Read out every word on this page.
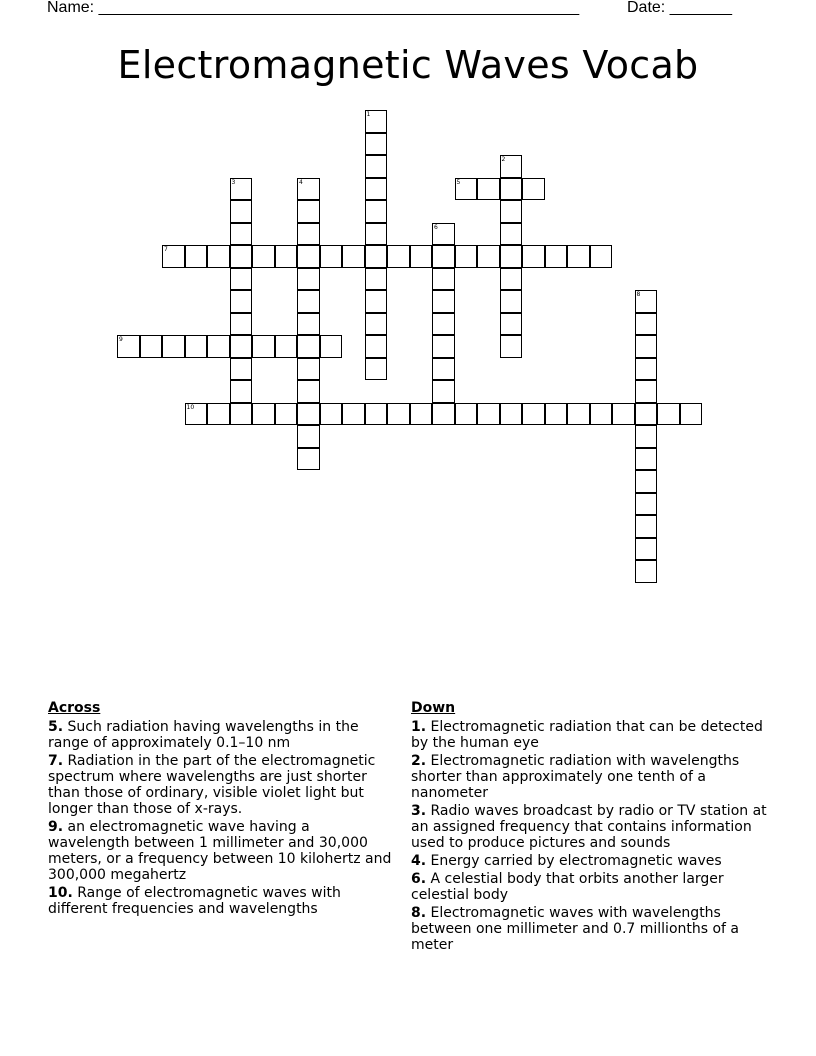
Name: ______________________________________________________	Date: _______
Electromagnetic Waves Vocab
1
2
3	4	5
6
7
8
9
10
Across
5. Such radiation having wavelengths in the range of approximately 0.1–10 nm
7. Radiation in the part of the electromagnetic spectrum where wavelengths are just shorter than those of ordinary, visible violet light but longer than those of x-rays.
9. an electromagnetic wave having a wavelength between 1 millimeter and 30,000 meters, or a frequency between 10 kilohertz and 300,000 megahertz
10. Range of electromagnetic waves with different frequencies and wavelengths
Down
1. Electromagnetic radiation that can be detected by the human eye
2. Electromagnetic radiation with wavelengths shorter than approximately one tenth of a nanometer
3. Radio waves broadcast by radio or TV station at an assigned frequency that contains information used to produce pictures and sounds
4. Energy carried by electromagnetic waves
6. A celestial body that orbits another larger celestial body
8. Electromagnetic waves with wavelengths between one millimeter and 0.7 millionths of a meter
